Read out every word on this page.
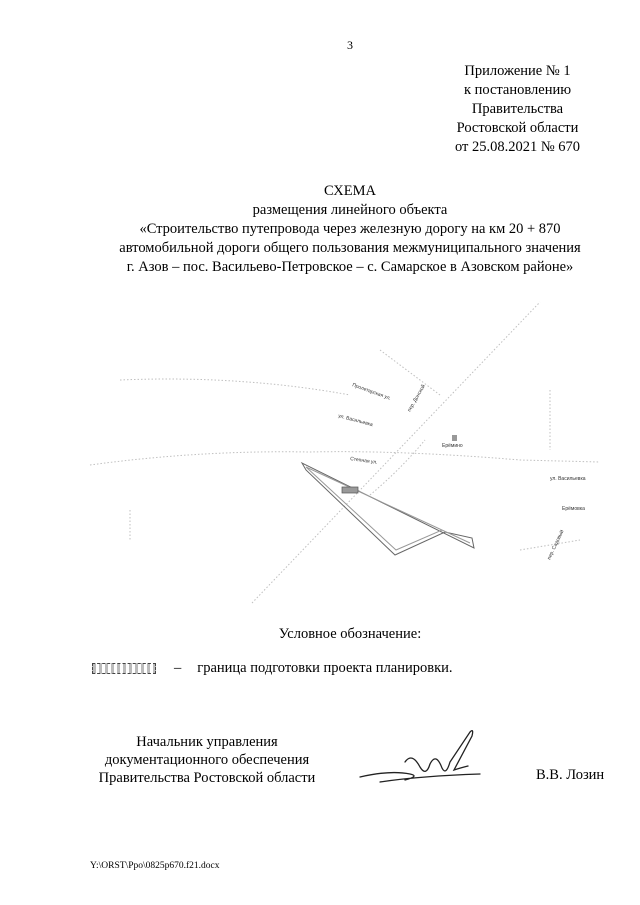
3
Приложение № 1
к постановлению
Правительства
Ростовской области
от 25.08.2021 № 670
СХЕМА
размещения линейного объекта
«Строительство путепровода через железную дорогу на км 20 + 870
автомобильной дороги общего пользования межмуниципального значения
г. Азов – пос. Васильево-Петровское – с. Самарское в Азовском районе»
Пролетарская ул.	пер. Донской
ул. Васильевка
Степная ул.
Ерёмино
ул. Васильевка
Ерёмовка
пер. Садовый
Условное обозначение:
– граница подготовки проекта планировки.
Начальник управления
документационного обеспечения
Правительства Ростовской области	В.В. Лозин
Y:\ORST\Ppo\0825p670.f21.docx
